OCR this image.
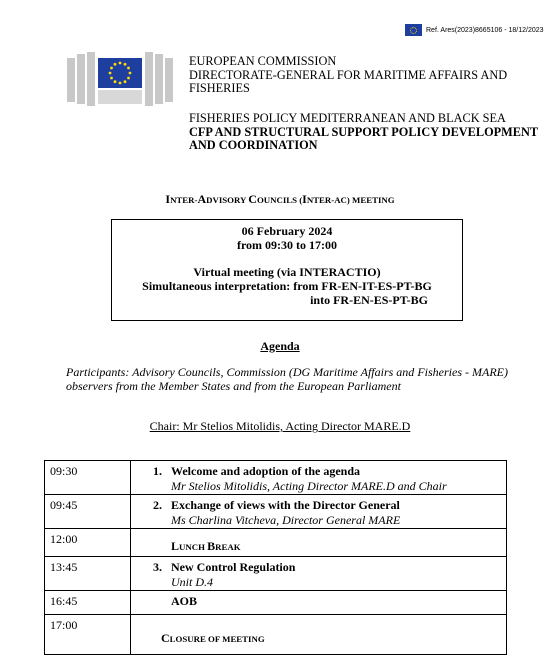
Ref. Ares(2023)8665106 - 18/12/2023
EUROPEAN COMMISSION
DIRECTORATE-GENERAL FOR MARITIME AFFAIRS AND
FISHERIES
FISHERIES POLICY MEDITERRANEAN AND BLACK SEA
CFP AND STRUCTURAL SUPPORT POLICY DEVELOPMENT
AND COORDINATION
INTER-ADVISORY COUNCILS (INTER-AC) MEETING
06 February 2024
from 09:30 to 17:00
Virtual meeting (via INTERACTIO)
Simultaneous interpretation: from FR-EN-IT-ES-PT-BG
into FR-EN-ES-PT-BG
Agenda
Participants: Advisory Councils, Commission (DG Maritime Affairs and Fisheries - MARE) observers from the Member States and from the European Parliament
Chair: Mr Stelios Mitolidis, Acting Director MARE.D
09:30	1. Welcome and adoption of the agenda
Mr Stelios Mitolidis, Acting Director MARE.D and Chair

09:45	2. Exchange of views with the Director General
Ms Charlina Vitcheva, Director General MARE

12:00	LUNCH BREAK
13:45	3. New Control Regulation
Unit D.4

16:45	AOB
17:00	CLOSURE OF MEETING
